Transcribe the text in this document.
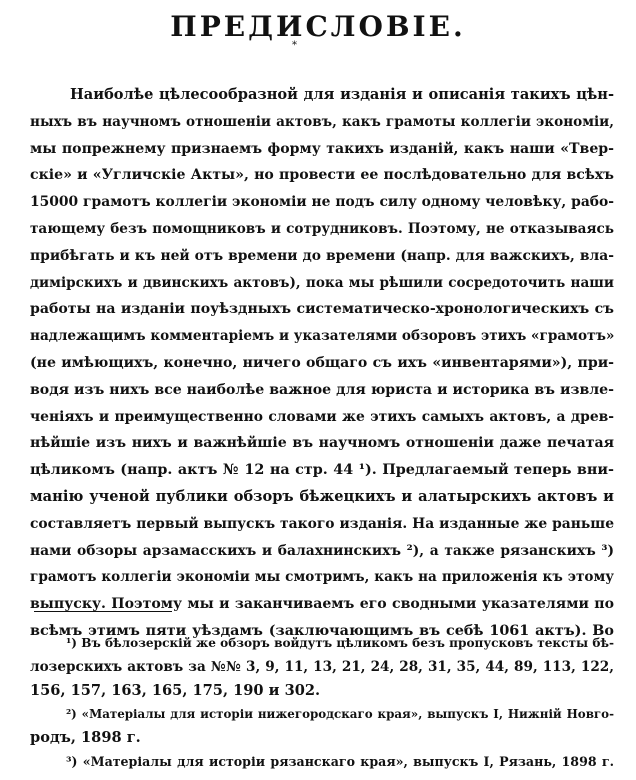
ПРЕДИСЛОВІЕ.
*
Наиболѣе цѣлесообразной для изданія и описанія такихъ цѣн-
ныхъ въ научномъ отношеніи актовъ, какъ грамоты коллегіи экономіи,
мы попрежнему признаемъ форму такихъ изданій, какъ наши «Твер-
скіе» и «Угличскіе Акты», но провести ее послѣдовательно для всѣхъ
15000 грамотъ коллегіи экономіи не подъ силу одному человѣку, рабо-
тающему безъ помощниковъ и сотрудниковъ. Поэтому, не отказываясь
прибѣгать и къ ней отъ времени до времени (напр. для важскихъ, вла-
димірскихъ и двинскихъ актовъ), пока мы рѣшили сосредоточить наши
работы на изданіи поуѣздныхъ систематическо-хронологическихъ съ
надлежащимъ комментаріемъ и указателями обзоровъ этихъ «грамотъ»
(не имѣющихъ, конечно, ничего общаго съ ихъ «инвентарями»), при-
водя изъ нихъ все наиболѣе важное для юриста и историка въ извле-
ченіяхъ и преимущественно словами же этихъ самыхъ актовъ, а древ-
нѣйшіе изъ нихъ и важнѣйшіе въ научномъ отношеніи даже печатая
цѣликомъ (напр. актъ № 12 на стр. 44 ¹). Предлагаемый теперь вни-
манію ученой публики обзоръ бѣжецкихъ и алатырскихъ актовъ и
составляетъ первый выпускъ такого изданія. На изданные же раньше
нами обзоры арзамасскихъ и балахнинскихъ ²), а также рязанскихъ ³)
грамотъ коллегіи экономіи мы смотримъ, какъ на приложенія къ этому
выпуску. Поэтому мы и заканчиваемъ его сводными указателями по
всѣмъ этимъ пяти уѣздамъ (заключающимъ въ себѣ 1061 актъ). Во
¹) Въ бѣлозерскій же обзоръ войдутъ цѣликомъ безъ пропусковъ тексты бѣ-
лозерскихъ актовъ за №№ 3, 9, 11, 13, 21, 24, 28, 31, 35, 44, 89, 113, 122,
156, 157, 163, 165, 175, 190 и 302.
²) «Матеріалы для исторіи нижегородскаго края», выпускъ І, Нижній Новго-
родъ, 1898 г.
³) «Матеріалы для исторіи рязанскаго края», выпускъ І, Рязань, 1898 г.
